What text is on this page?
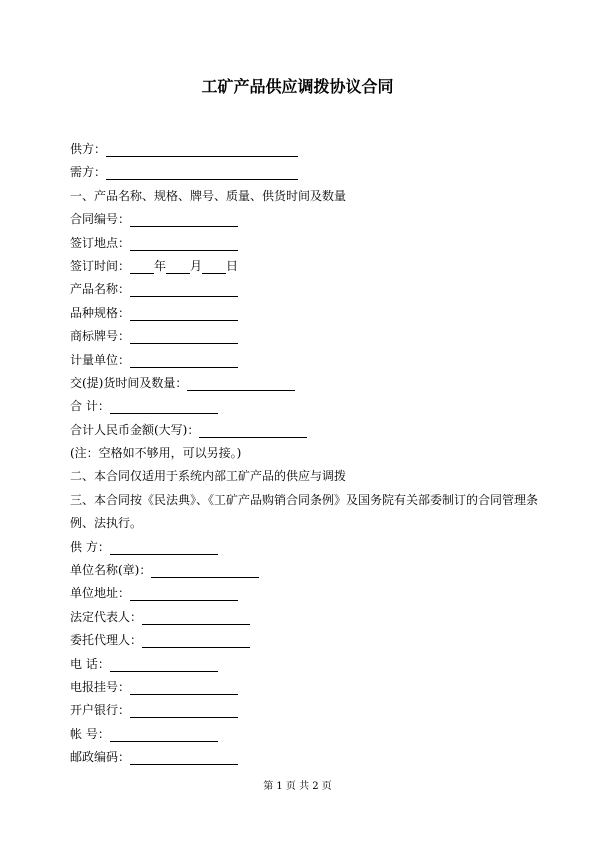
工矿产品供应调拨协议合同
供方：
需方：
一、产品名称、规格、牌号、质量、供货时间及数量
合同编号：
签订地点：
签订时间： 年 月 日
产品名称：
品种规格：
商标牌号：
计量单位：
交(提)货时间及数量：
合 计：
合计人民币金额(大写)：
(注：空格如不够用，可以另接。)
二、本合同仅适用于系统内部工矿产品的供应与调拨
三、本合同按《民法典》、《工矿产品购销合同条例》及国务院有关部委制订的合同管理条例、法执行。
供 方：
单位名称(章)：
单位地址：
法定代表人：
委托代理人：
电 话：
电报挂号：
开户银行：
帐 号：
邮政编码：
第 1 页 共 2 页
